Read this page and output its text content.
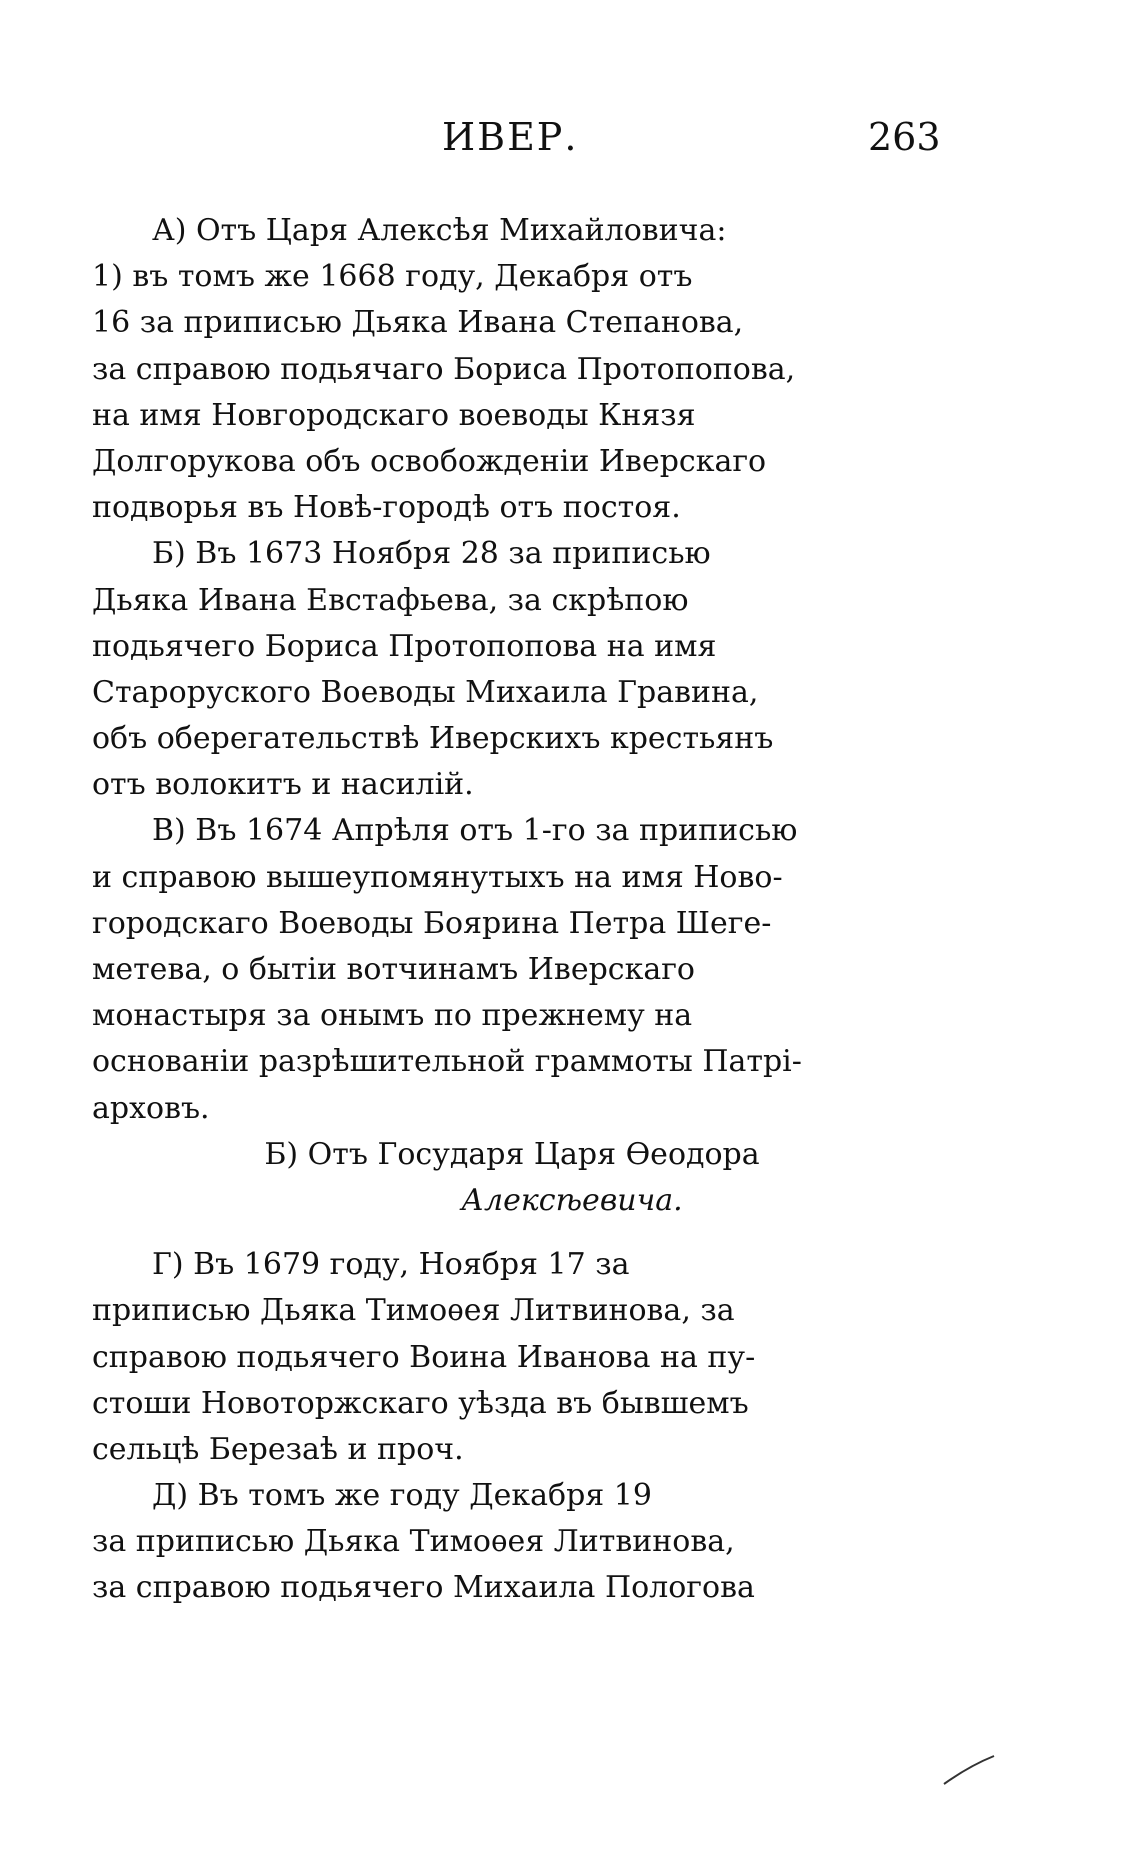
ИВЕР.	263
А) Отъ Царя Алексѣя Михайловича:
1) въ томъ же 1668 году, Декабря отъ
16 за приписью Дьяка Ивана Степанова,
за справою подьячаго Бориса Протопопова,
на имя Новгородскаго воеводы Князя
Долгорукова объ освобожденіи Иверскаго
подворья въ Новѣ-городѣ отъ постоя.
Б) Въ 1673 Ноября 28 за приписью
Дьяка Ивана Евстафьева, за скрѣпою
подьячего Бориса Протопопова на имя
Староруского Воеводы Михаила Гравина,
объ оберегательствѣ Иверскихъ крестьянъ
отъ волокитъ и насилій.
В) Въ 1674 Апрѣля отъ 1-го за приписью
и справою вышеупомянутыхъ на имя Ново-
городскаго Воеводы Боярина Петра Шеге-
метева, о бытіи вотчинамъ Иверскаго
монастыря за онымъ по прежнему на
основаніи разрѣшительной граммоты Патрі-
арховъ.
Б) Отъ Государя Царя Ѳеодора
Алексѣевича.
Г) Въ 1679 году, Ноября 17 за
приписью Дьяка Тимоѳея Литвинова, за
справою подьячего Воина Иванова на пу-
стоши Новоторжскаго уѣзда въ бывшемъ
сельцѣ Березаѣ и проч.
Д) Въ томъ же году Декабря 19
за приписью Дьяка Тимоѳея Литвинова,
за справою подьячего Михаила Пологова
